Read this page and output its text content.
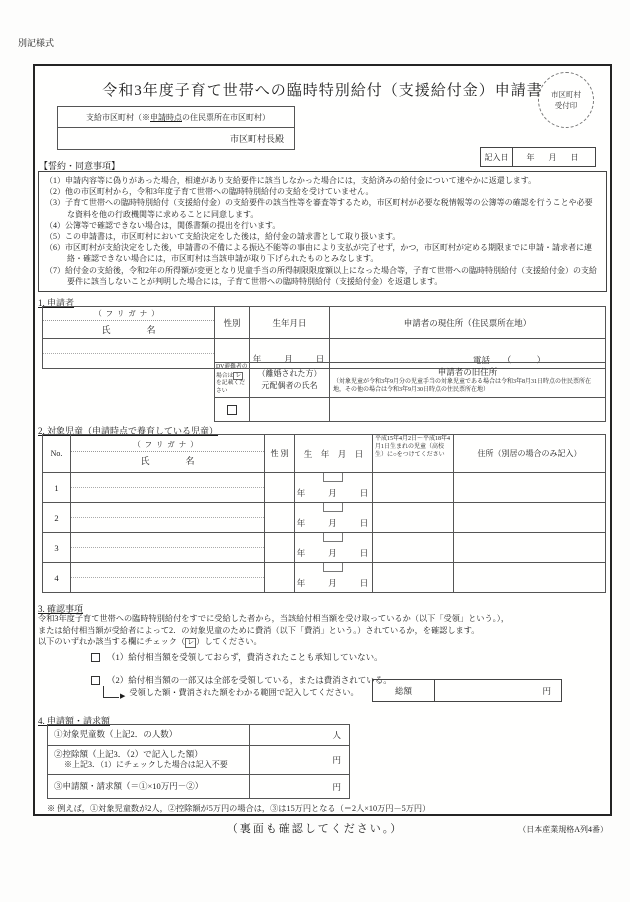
別記様式
令和3年度子育て世帯への臨時特別給付（支援給付金）申請書	市区町村
受付印
支給市区町村（※申請時点の住民票所在市区町村）
市区町村長殿
記入日	年　月　日
【誓約・同意事項】
（1）申請内容等に偽りがあった場合，相違があり支給要件に該当しなかった場合には，支給済みの給付金について速やかに返還します。
（2）他の市区町村から，令和3年度子育て世帯への臨時特別給付の支給を受けていません。
（3）子育て世帯への臨時特別給付（支援給付金）の支給要件の該当性等を審査等するため，市区町村が必要な税情報等の公簿等の確認を行うことや必要な資料を他の行政機関等に求めることに同意します。
（4）公簿等で確認できない場合は，関係書類の提出を行います。
（5）この申請書は，市区町村において支給決定をした後は，給付金の請求書として取り扱います。
（6）市区町村が支給決定をした後，申請書の不備による振込不能等の事由により支払が完了せず，かつ，市区町村が定める期限までに申請・請求者に連絡・確認できない場合には，市区町村は当該申請が取り下げられたものとみなします。
（7）給付金の支給後，令和2年の所得額が変更となり児童手当の所得制限限度額以上になった場合等，子育て世帯への臨時特別給付（支援給付金）の支給要件に該当しないことが判明した場合には，子育て世帯への臨時特別給付（支援給付金）を返還します。
1. 申請者
（フリガナ）
氏　　　　名	性別	生年月日	申請者の現住所（住民票所在地）

		年　　月　　日	電話　　（　　　）
DV避難者の場合は レを記載ください	
（離婚された方）
元配偶者の氏名

申請者の旧住所
（対象児童が令和3年9月分の児童手当の対象児童である場合は令和3年8月31日時点の住民票所在地，その他の場合は令和3年9月30日時点の住民票所在地）

2. 対象児童（申請時点で養育している児童）
No.	（フリガナ）
氏　　　　名	性 別	生　年　月　日	平成15年4月2日～平成18年4月1日生まれの児童（高校生）に○をつけてください	住所（別居の場合のみ記入）
1			年　　月　　日		

2			年　　月　　日		

3			年　　月　　日		

4			年　　月　　日		

3. 確認事項
令和3年度子育て世帯への臨時特別給付をすでに受給した者から，当該給付相当額を受け取っているか（以下「受領」という。），
または給付相当額が受給者によって2．の対象児童のために費消（以下「費消」という。）されているか，を確認します。
以下のいずれか該当する欄にチェック（ レ ）してください。
（1）給付相当額を受領しておらず，費消されたことも承知していない。
（2）給付相当額の一部又は全部を受領している，または費消されている。
▶ 受領した額・費消された額をわかる範囲で記入してください。	総額	円
4. 申請額・請求額
①対象児童数（上記2．の人数）	人

②控除額（上記3．（2）で記入した額）
※上記3．（1）にチェックした場合は記入不要	円
③申請額・請求額（＝①×10万円－②）	円
※ 例えば，①対象児童数が2人，②控除額が5万円の場合は，③は15万円となる（＝2人×10万円－5万円）
（裏面も確認してください。）	（日本産業規格A列4番）
